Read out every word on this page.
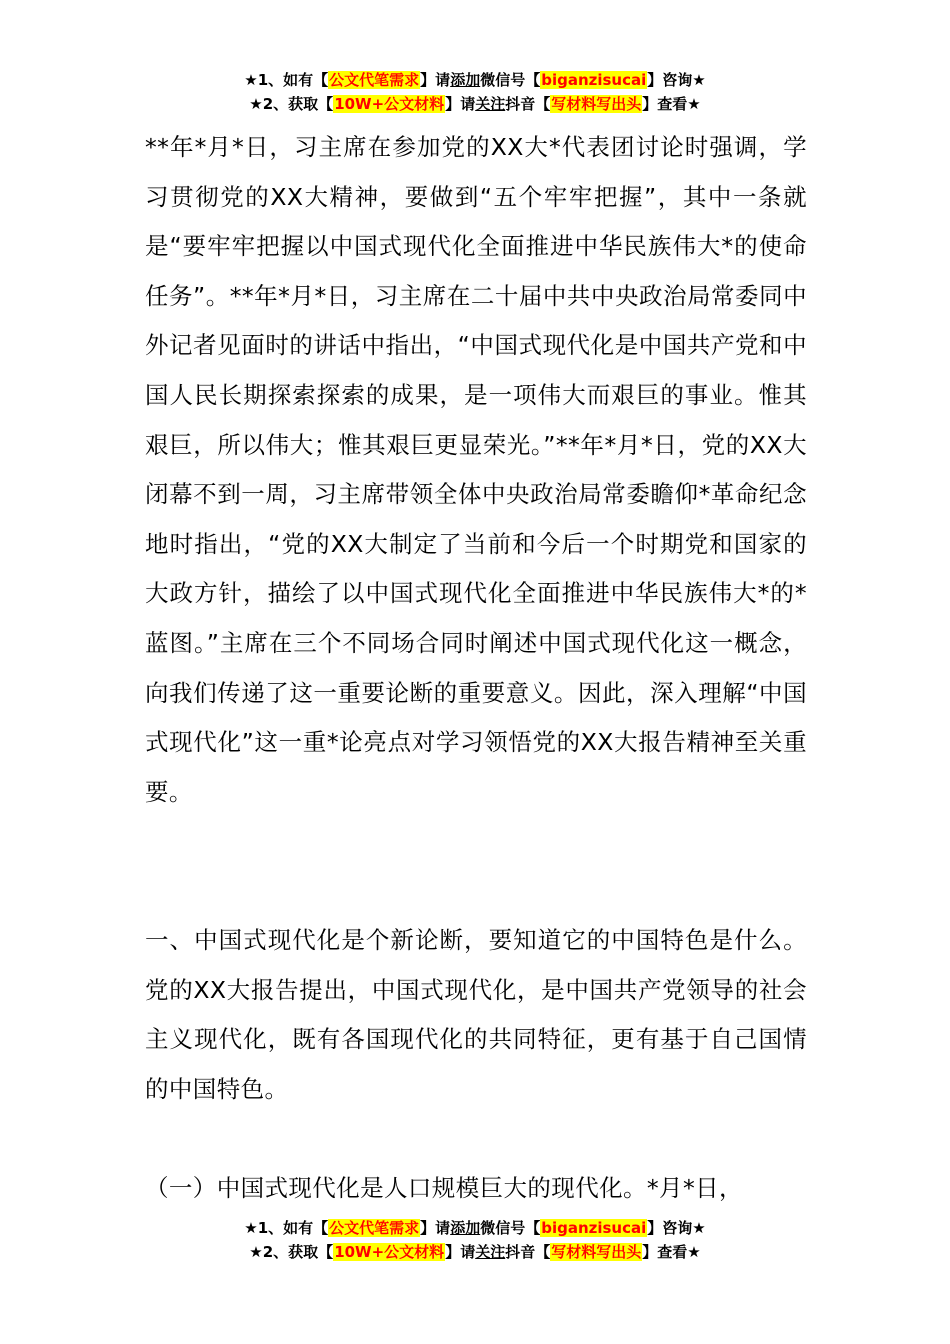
★1、如有【公文代笔需求】请添加微信号【biganzisucai】咨询★
★2、获取【10W+公文材料】请关注抖音【写材料写出头】查看★

**年*月*日，习主席在参加党的XX大*代表团讨论时强调，学习贯彻党的XX大精神，要做到“五个牢牢把握”，其中一条就是“要牢牢把握以中国式现代化全面推进中华民族伟大*的使命任务”。**年*月*日，习主席在二十届中共中央政治局常委同中外记者见面时的讲话中指出，“中国式现代化是中国共产党和中国人民长期探索探索的成果，是一项伟大而艰巨的事业。惟其艰巨，所以伟大；惟其艰巨更显荣光。”**年*月*日，党的XX大闭幕不到一周，习主席带领全体中央政治局常委瞻仰*革命纪念地时指出，“党的XX大制定了当前和今后一个时期党和国家的大政方针，描绘了以中国式现代化全面推进中华民族伟大*的*蓝图。”主席在三个不同场合同时阐述中国式现代化这一概念，向我们传递了这一重要论断的重要意义。因此，深入理解“中国式现代化”这一重*论亮点对学习领悟党的XX大报告精神至关重要。

一、中国式现代化是个新论断，要知道它的中国特色是什么。党的XX大报告提出，中国式现代化，是中国共产党领导的社会主义现代化，既有各国现代化的共同特征，更有基于自己国情的中国特色。

（一）中国式现代化是人口规模巨大的现代化。*月*日，

★1、如有【公文代笔需求】请添加微信号【biganzisucai】咨询★
★2、获取【10W+公文材料】请关注抖音【写材料写出头】查看★
